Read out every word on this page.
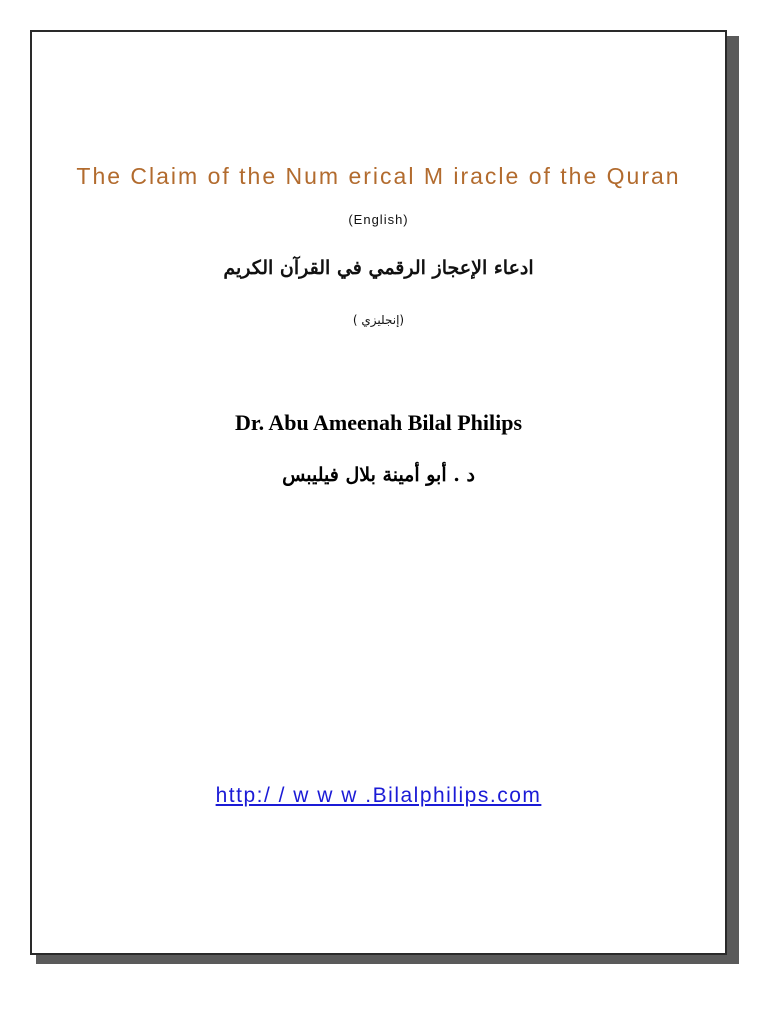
The Claim of the Num erical M iracle of the Quran
(English)
ادعاء الإعجاز الرقمي في القرآن الكريم
(إنجليزي )
Dr. Abu Ameenah Bilal Philips
د . أبو أمينة بلال فيليبس
http:/ / w w w .Bilalphilips.com
